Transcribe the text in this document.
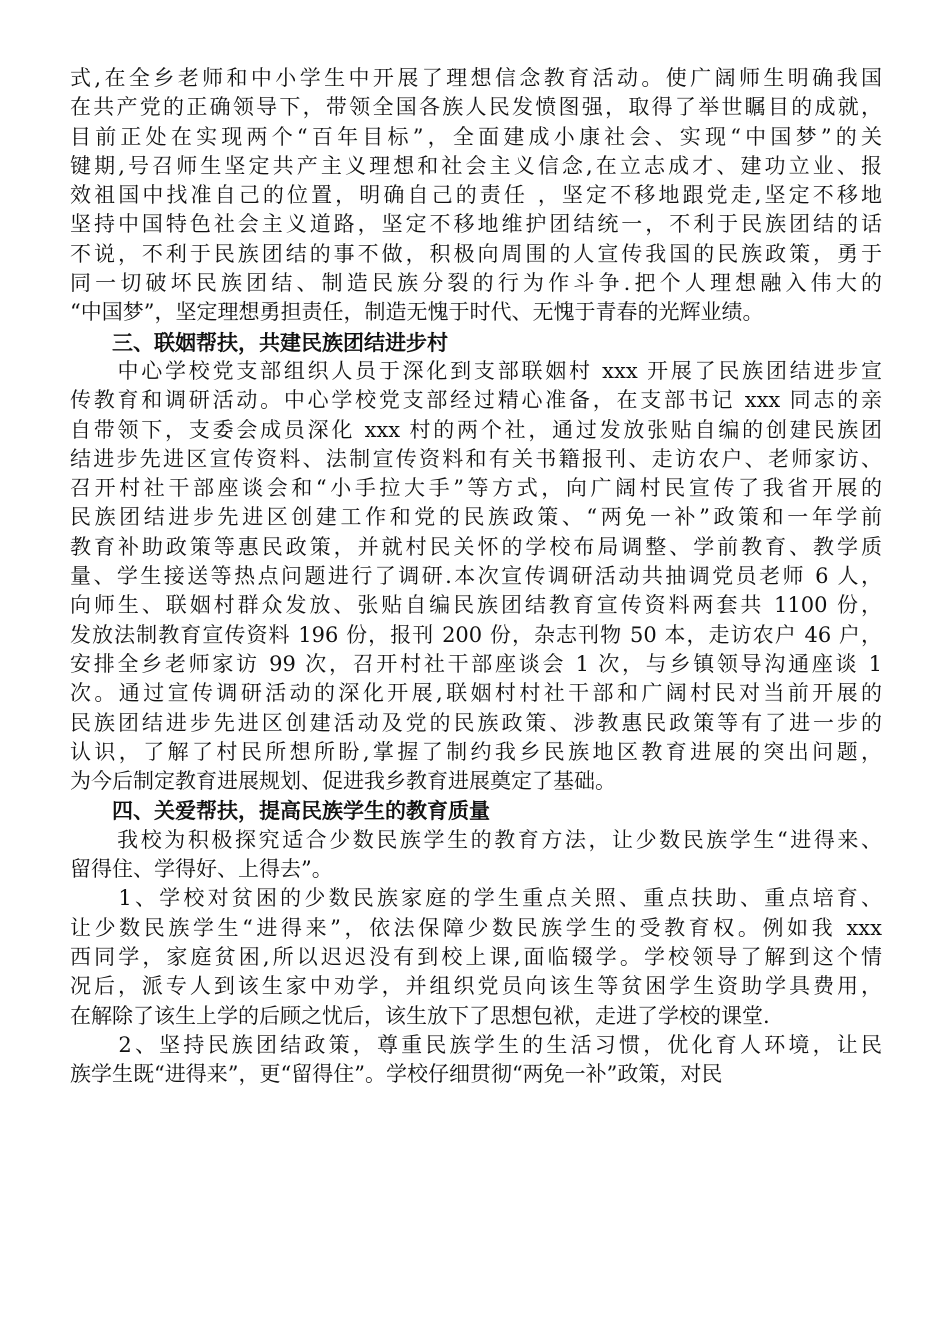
式,在全乡老师和中小学生中开展了理想信念教育活动。使广阔师生明确我国
在共产党的正确领导下，带领全国各族人民发愤图强，取得了举世瞩目的成就，
目前正处在实现两个“百年目标”，全面建成小康社会、实现“中国梦”的关
键期,号召师生坚定共产主义理想和社会主义信念,在立志成才、建功立业、报
效祖国中找准自己的位置，明确自己的责任 ，坚定不移地跟党走,坚定不移地
坚持中国特色社会主义道路，坚定不移地维护团结统一，不利于民族团结的话
不说，不利于民族团结的事不做，积极向周围的人宣传我国的民族政策，勇于
同一切破坏民族团结、制造民族分裂的行为作斗争.把个人理想融入伟大的
“中国梦”，坚定理想勇担责任，制造无愧于时代、无愧于青春的光辉业绩。
　　三、联姻帮扶，共建民族团结进步村
　　中心学校党支部组织人员于深化到支部联姻村 xxx 开展了民族团结进步宣
传教育和调研活动。中心学校党支部经过精心准备，在支部书记 xxx 同志的亲
自带领下，支委会成员深化 xxx 村的两个社，通过发放张贴自编的创建民族团
结进步先进区宣传资料、法制宣传资料和有关书籍报刊、走访农户、老师家访、
召开村社干部座谈会和“小手拉大手”等方式，向广阔村民宣传了我省开展的
民族团结进步先进区创建工作和党的民族政策、“两免一补”政策和一年学前
教育补助政策等惠民政策，并就村民关怀的学校布局调整、学前教育、教学质
量、学生接送等热点问题进行了调研.本次宣传调研活动共抽调党员老师 6 人，
向师生、联姻村群众发放、张贴自编民族团结教育宣传资料两套共 1100 份，
发放法制教育宣传资料 196 份，报刊 200 份，杂志刊物 50 本，走访农户 46 户，
安排全乡老师家访 99 次，召开村社干部座谈会 1 次，与乡镇领导沟通座谈 1
次。通过宣传调研活动的深化开展,联姻村村社干部和广阔村民对当前开展的
民族团结进步先进区创建活动及党的民族政策、涉教惠民政策等有了进一步的
认识，了解了村民所想所盼,掌握了制约我乡民族地区教育进展的突出问题，
为今后制定教育进展规划、促进我乡教育进展奠定了基础。
　　四、关爱帮扶，提高民族学生的教育质量
　　我校为积极探究适合少数民族学生的教育方法，让少数民族学生“进得来、
留得住、学得好、上得去”。
　　1、学校对贫困的少数民族家庭的学生重点关照、重点扶助、重点培育、
让少数民族学生“进得来”，依法保障少数民族学生的受教育权。例如我 xxx
西同学，家庭贫困,所以迟迟没有到校上课,面临辍学。学校领导了解到这个情
况后，派专人到该生家中劝学，并组织党员向该生等贫困学生资助学具费用，
在解除了该生上学的后顾之忧后，该生放下了思想包袱，走进了学校的课堂.
　　2、坚持民族团结政策，尊重民族学生的生活习惯，优化育人环境，让民
族学生既“进得来”，更“留得住”。学校仔细贯彻“两免一补”政策，对民
